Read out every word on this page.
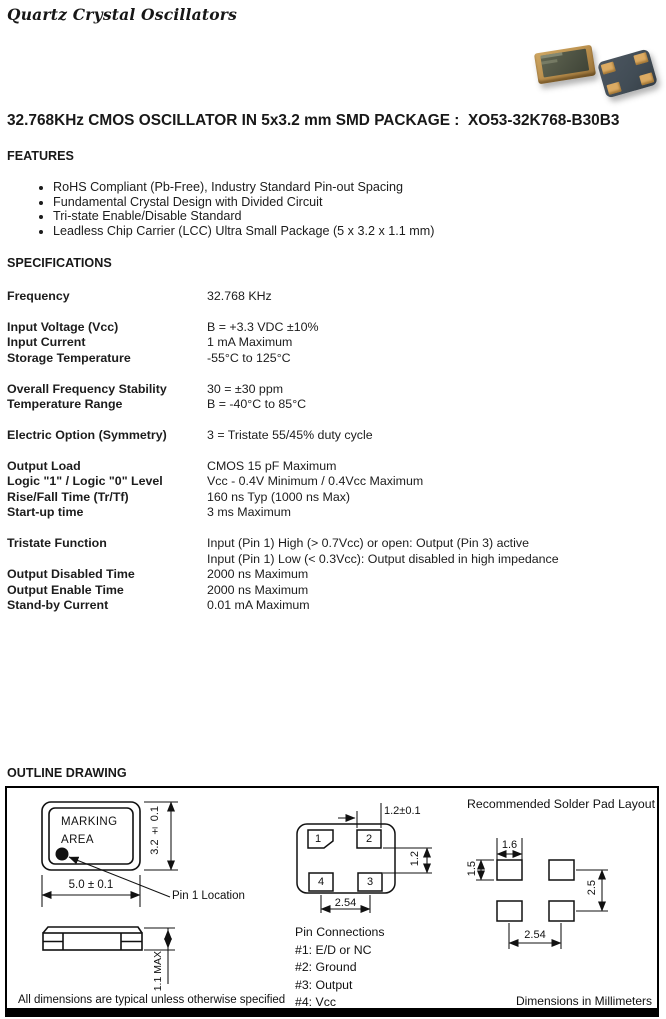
Quartz Crystal Oscillators
32.768KHz CMOS OSCILLATOR IN 5x3.2 mm SMD PACKAGE :  XO53-32K768-B30B3
FEATURES
• RoHS Compliant (Pb-Free), Industry Standard Pin-out Spacing
• Fundamental Crystal Design with Divided Circuit
• Tri-state Enable/Disable Standard
• Leadless Chip Carrier (LCC) Ultra Small Package (5 x 3.2 x 1.1 mm)
SPECIFICATIONS
Frequency	32.768 KHz
Input Voltage (Vcc)	B = +3.3 VDC ±10%
Input Current	1 mA Maximum
Storage Temperature	-55°C to 125°C
Overall Frequency Stability	30 = ±30 ppm
Temperature Range	B = -40°C to 85°C
Electric Option (Symmetry)	3 = Tristate 55/45% duty cycle
Output Load	CMOS 15 pF Maximum
Logic "1" / Logic "0" Level	Vcc - 0.4V Minimum / 0.4Vcc Maximum
Rise/Fall Time (Tr/Tf)	160 ns Typ (1000 ns Max)
Start-up time	3 ms Maximum
Tristate Function	Input (Pin 1) High (> 0.7Vcc) or open: Output (Pin 3) active
Input (Pin 1) Low (< 0.3Vcc): Output disabled in high impedance
Output Disabled Time	2000 ns Maximum
Output Enable Time	2000 ns Maximum
Stand-by Current	0.01 mA Maximum
OUTLINE DRAWING
MARKING
AREA	3.2 ± 0.1
5.0 ± 0.1
Pin 1 Location
1.1 MAX
All dimensions are typical unless otherwise specified
1	2
4	3
1.2±0.1
1.2
2.54
Pin Connections
#1: E/D or NC
#2: Ground
#3: Output
#4: Vcc
Recommended Solder Pad Layout
1.6
1.5
2.5
2.54
Dimensions in Millimeters
